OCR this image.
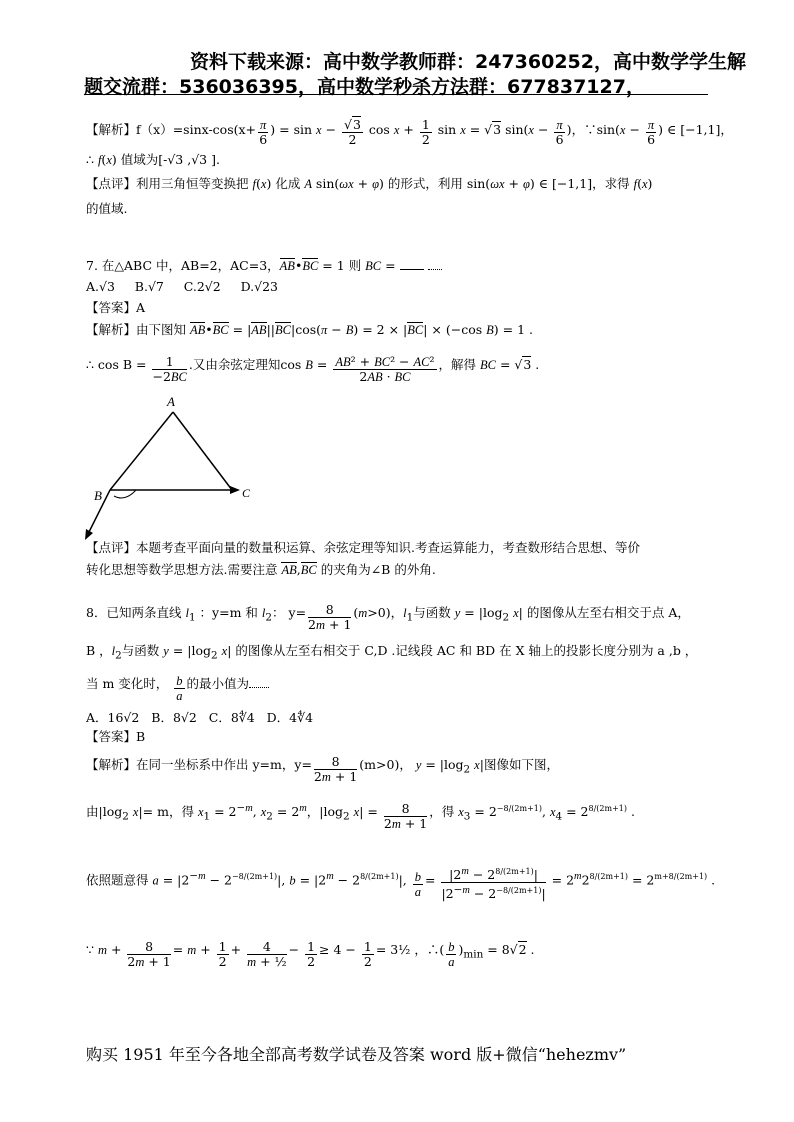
资料下载来源：高中数学教师群：247360252，高中数学学生解
题交流群：536036395，高中数学秒杀方法群：677837127，
【解析】$f(x)=\sin x-\cos(x+ \frac{\pi}{6}$ ) = $\sin x - \frac{√3}{2}$ $\cos x + \frac{1}{2}$ sin x = √3 $\sin(x - \frac{\pi}{6}$ )，∵sin(x − $\frac{\pi}{6}$ ) ∈ [−1,1]，
∴ f(x) 值域为[-√3 ,√3 ].
【点评】利用三角恒等变换把 f(x) 化成 A sin(ωx + φ) 的形式，利用 sin(ωx + φ) ∈ [−1,1]，求得 f(x)
的值域.
7. 在△ABC 中，AB=2，AC=3，AB•BC = 1 则 BC =
A.√3 B.√7 C.2√2 D.√23
【答案】A
【解析】由下图知 AB•BC = |AB||BC|cos(π − B) = 2 × |BC| × (−cos B) = 1 .
∴ $\cos B = \frac{1}{-2BC}$ .又由余弦定理知$\cos B = \frac{\text{AB² + BC² − AC²}}{2AB \cdot BC}$ ，解得 BC = √3 .
A
B	C
【点评】本题考查平面向量的数量积运算、余弦定理等知识.考查运算能力，考查数形结合思想、等价
转化思想等数学思想方法.需要注意 AB,BC 的夹角为∠B 的外角.
8．已知两条直线 $l_1$ ：y=m 和 $l_2$： $y= \frac{8}{2m + 1} (m>0)$，$l_1$与函数 $y = |\log_2$ x| 的图像从左至右相交于点 A，
B ，$l_2$与函数 $y = |\log_2$ x| 的图像从左至右相交于 C,D .记线段 AC 和 BD 在 X 轴上的投影长度分别为 a ,b ，
当 m 变化时， $\frac{b}{a}$ 的最小值为
A．16√2 B．8√2 C．8∜4 D．4∜4
【答案】B
【解析】在同一坐标系中作出 y=m，$y= \frac{8}{2m + 1} (m>0)$， $y = |\log_2$ x|图像如下图，
由$|\log_2$ x|= m，得 $x_1 = 2^{-m}$, $x_2 = 2^m$，$|\log_2$ $x| = \frac{8}{2m + 1}$ ，得 $x_3 = 2^{-8/(2m+1)}$, $x_4 = 2^{8/(2m+1)}$ .
依照题意得 $a = |2^{-m} - 2^{-8/(2m+1)}|$, $b = |2^m - 2^{8/(2m+1)}|$, $\frac{b}{a} = \frac{|2^m - 2^{8/(2m+1)}|}{|2^{-m} - 2^{-8/(2m+1)}|} = 2^m2^{8/(2m+1)} = 2^{m+8/(2m+1)}$ .
∵ $m + \frac{8}{2m + 1} = m + \frac{1}{2} + \frac{4}{\text{m + ½}} - \frac{1}{2} \ge 4 - \frac{1}{2}$ = 3½ ，∴( $\frac{b}{a} )_{min} = 8√2$ .
购买 1951 年至今各地全部高考数学试卷及答案 word 版+微信“hehezmv”
